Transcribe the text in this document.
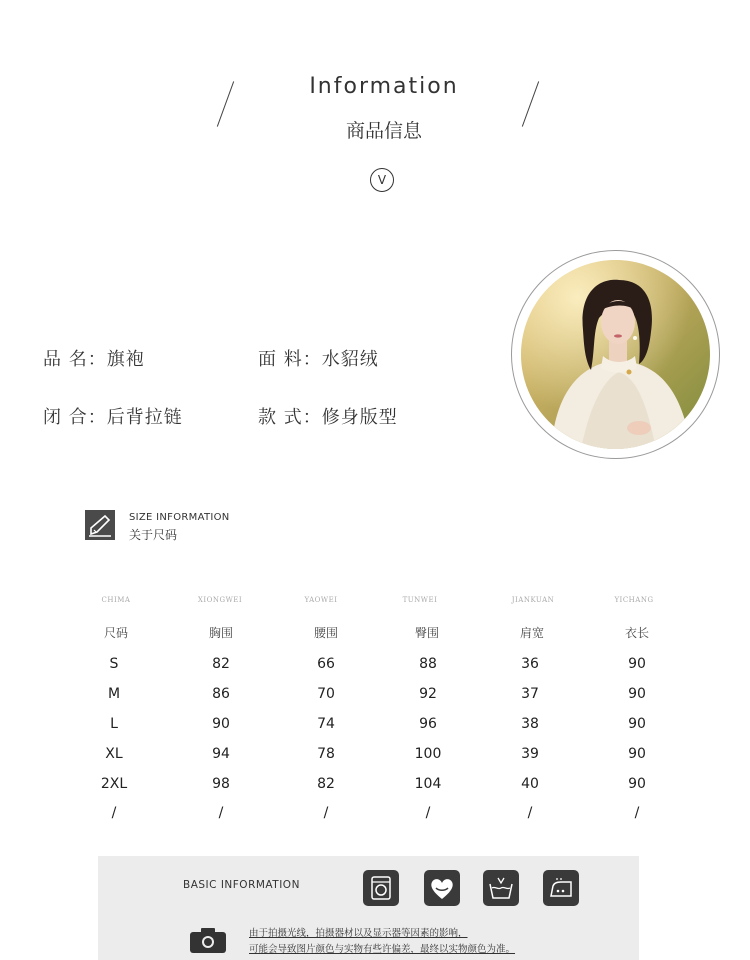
Information
商品信息
V
品 名：旗袍	面 料：水貂绒
闭 合：后背拉链	款 式：修身版型
SIZE INFORMATION
关于尺码
CHIMA	XIONGWEI	YAOWEI	TUNWEI	JIANKUAN	YICHANG
尺码	胸围	腰围	臀围	肩宽	衣长
S	82	66	88	36	90
M	86	70	92	37	90
L	90	74	96	38	90
XL	94	78	100	39	90
2XL	98	82	104	40	90
/	/	/	/	/	/
BASIC INFORMATION
由于拍摄光线，拍摄器材以及显示器等因素的影响，
可能会导致图片颜色与实物有些许偏差，最终以实物颜色为准。
